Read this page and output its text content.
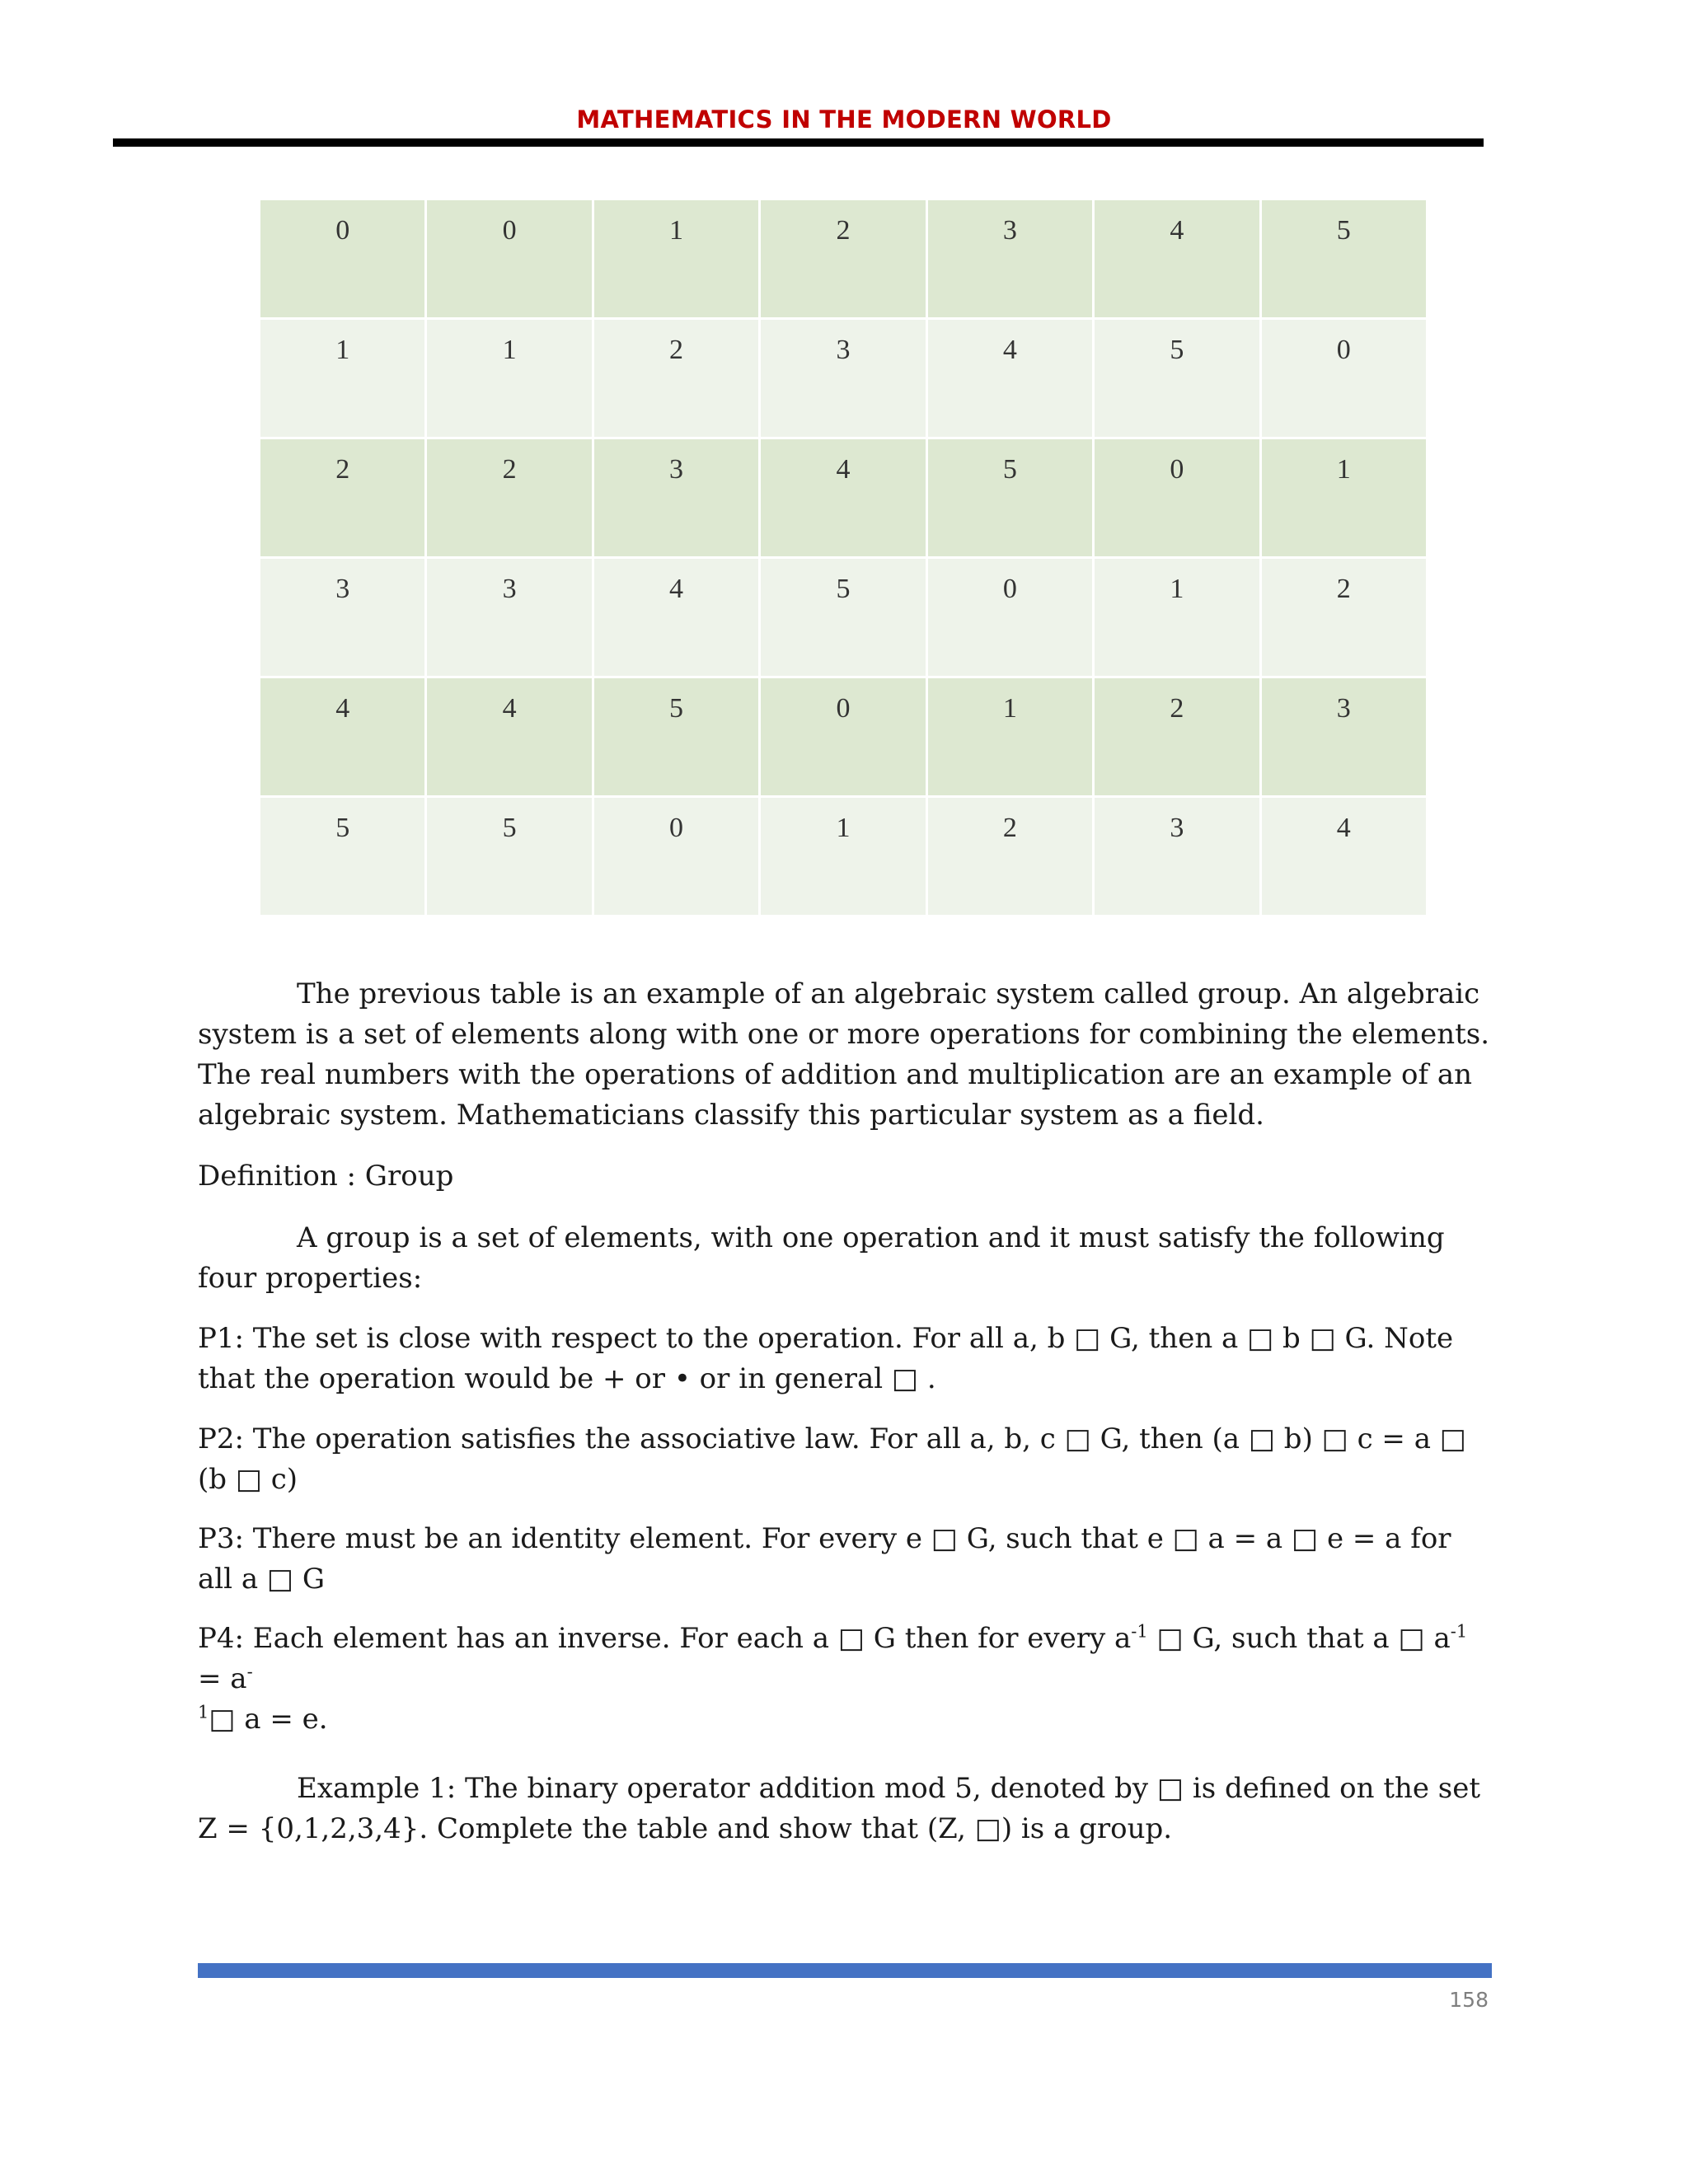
MATHEMATICS IN THE MODERN WORLD
0	0	1	2	3	4	5
1	1	2	3	4	5	0
2	2	3	4	5	0	1
3	3	4	5	0	1	2
4	4	5	0	1	2	3
5	5	0	1	2	3	4

The previous table is an example of an algebraic system called group. An algebraic system is a set of elements along with one or more operations for combining the elements. The real numbers with the operations of addition and multiplication are an example of an algebraic system. Mathematicians classify this particular system as a field.

Definition : Group

A group is a set of elements, with one operation and it must satisfy the following four properties:

P1: The set is close with respect to the operation. For all a, b □ G, then a □ b □ G. Note that the operation would be + or • or in general □ .

P2: The operation satisfies the associative law. For all a, b, c □ G, then (a □ b) □ c = a □ (b □ c)

P3: There must be an identity element. For every e □ G, such that e □ a = a □ e = a for all a □ G

P4: Each element has an inverse. For each a □ G then for every $a^{-1}$ □ G, such that a □ $a^{-1} = a^-$
$^1$□ a = e.

Example 1: The binary operator addition mod 5, denoted by □ is defined on the set Z = {0,1,2,3,4}. Complete the table and show that (Z, □) is a group.

158
